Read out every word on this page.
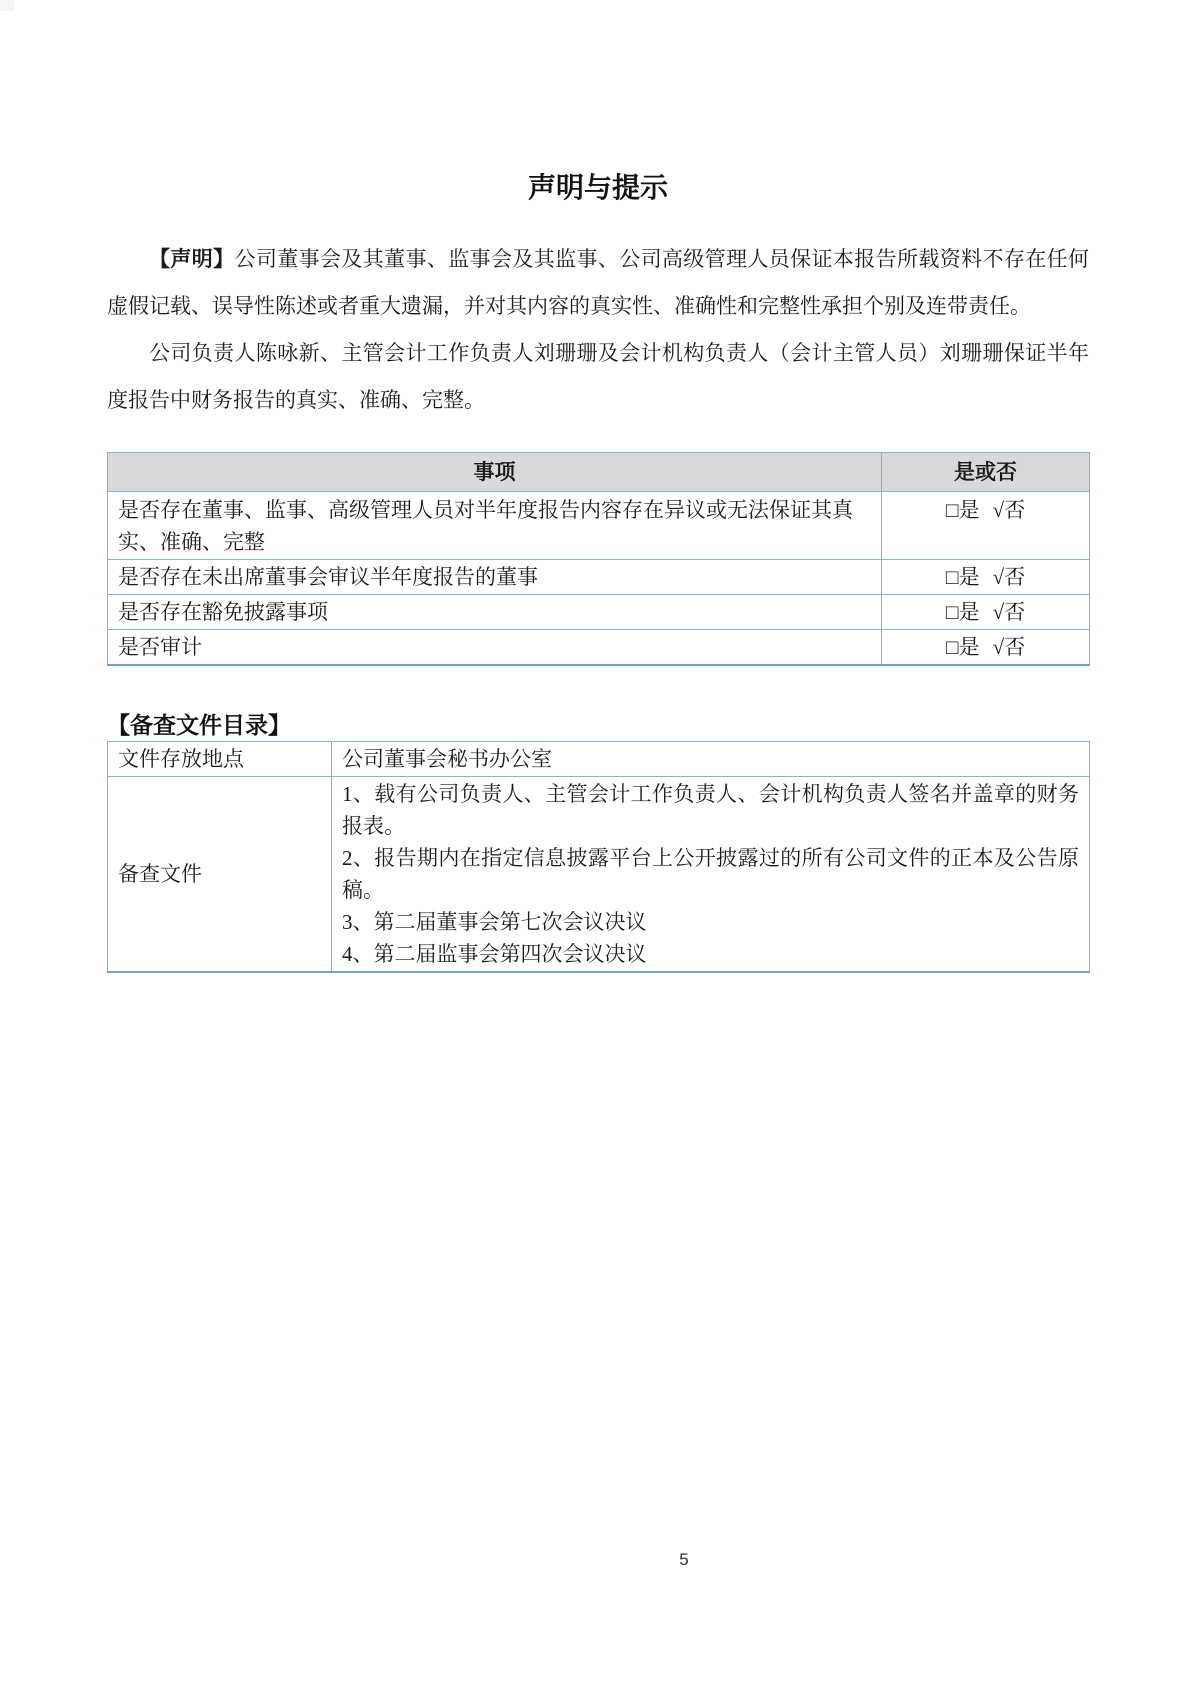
声明与提示

【声明】公司董事会及其董事、监事会及其监事、公司高级管理人员保证本报告所载资料不存在任何虚假记载、误导性陈述或者重大遗漏，并对其内容的真实性、准确性和完整性承担个别及连带责任。

公司负责人陈咏新、主管会计工作负责人刘珊珊及会计机构负责人（会计主管人员）刘珊珊保证半年度报告中财务报告的真实、准确、完整。

事项	是或否
是否存在董事、监事、高级管理人员对半年度报告内容存在异议或无法保证其真实、准确、完整	□是 √否
是否存在未出席董事会审议半年度报告的董事	□是 √否
是否存在豁免披露事项	□是 √否
是否审计	□是 √否
【备查文件目录】
文件存放地点	公司董事会秘书办公室

备查文件	1、载有公司负责人、主管会计工作负责人、会计机构负责人签名并盖章的财务报表。
2、报告期内在指定信息披露平台上公开披露过的所有公司文件的正本及公告原稿。
3、第二届董事会第七次会议决议
4、第二届监事会第四次会议决议
5
